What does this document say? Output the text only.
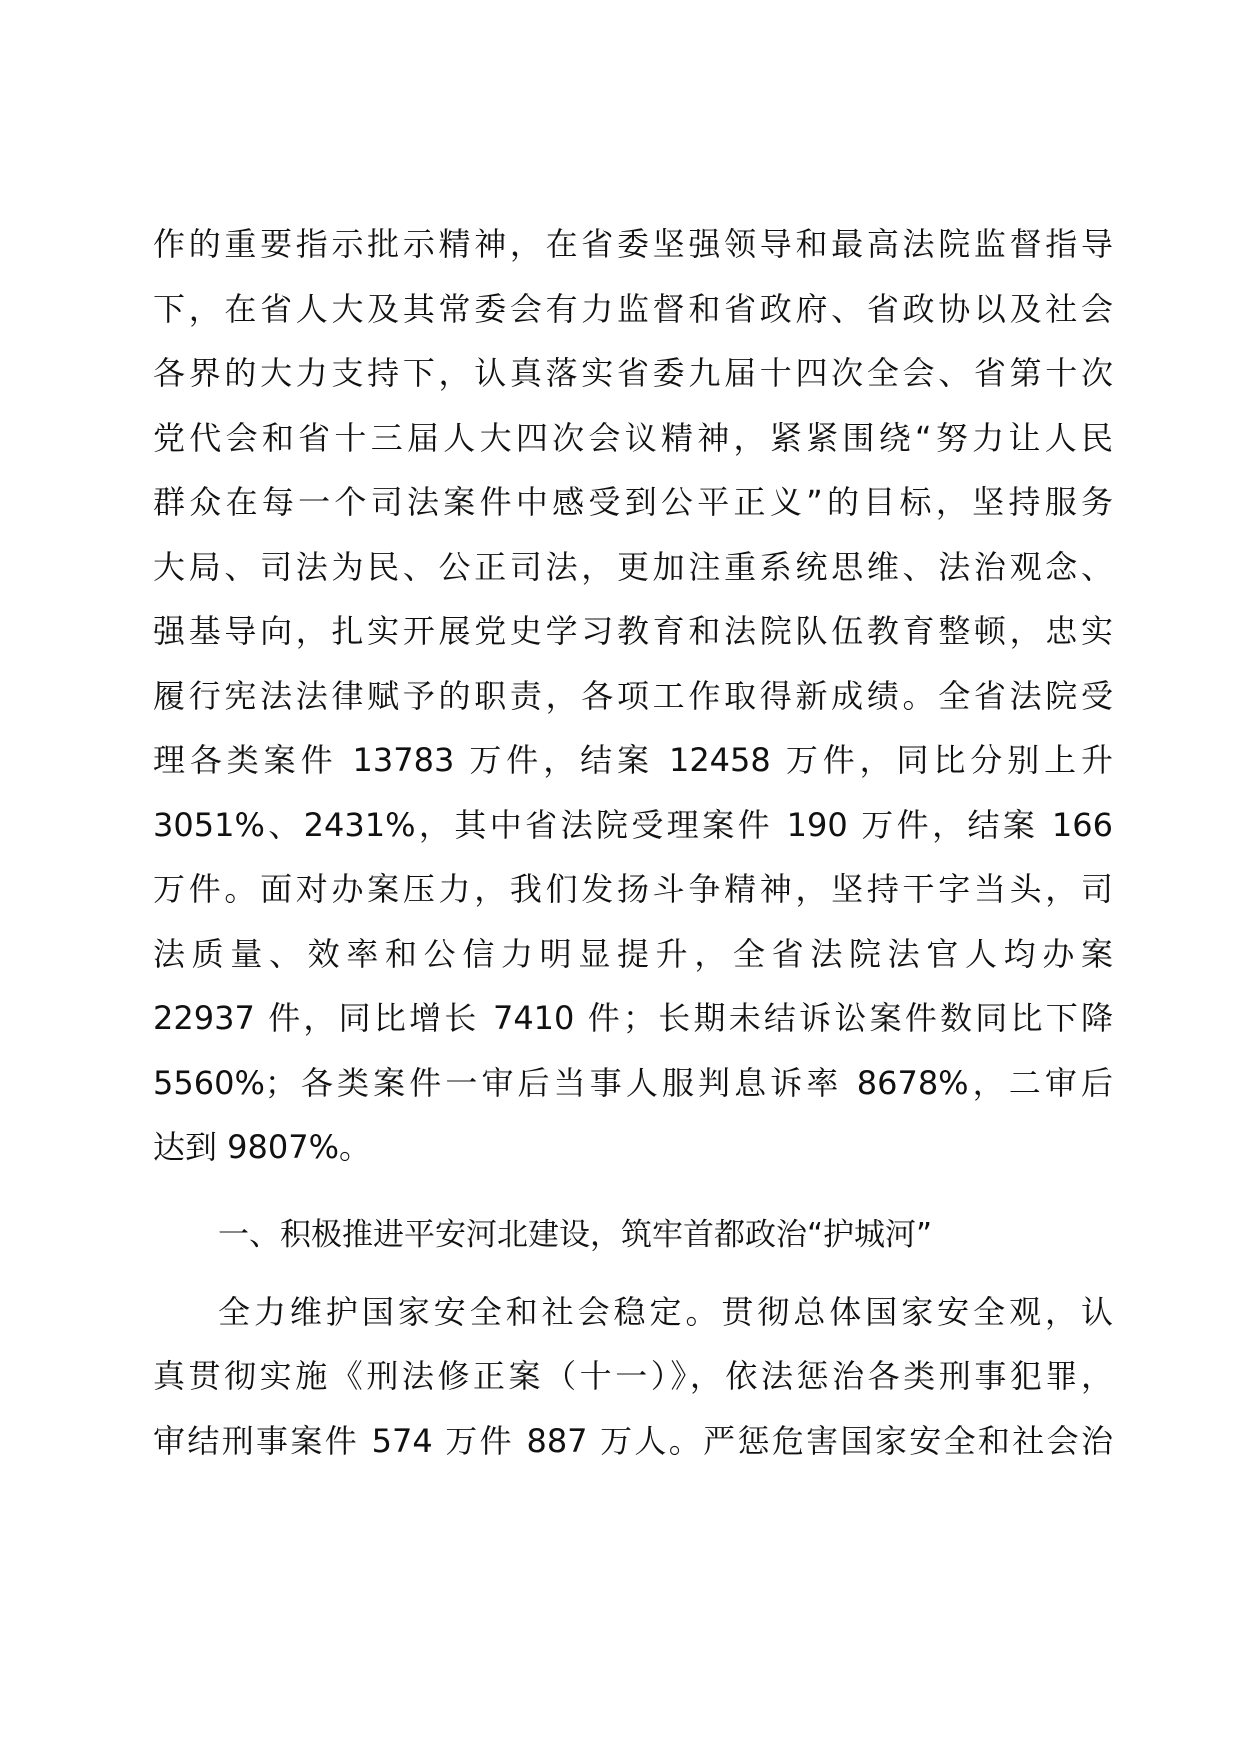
作的重要指示批示精神，在省委坚强领导和最高法院监督指导
下，在省人大及其常委会有力监督和省政府、省政协以及社会
各界的大力支持下，认真落实省委九届十四次全会、省第十次
党代会和省十三届人大四次会议精神，紧紧围绕“努力让人民
群众在每一个司法案件中感受到公平正义”的目标，坚持服务
大局、司法为民、公正司法，更加注重系统思维、法治观念、
强基导向，扎实开展党史学习教育和法院队伍教育整顿，忠实
履行宪法法律赋予的职责，各项工作取得新成绩。全省法院受
理各类案件 13783 万件，结案 12458 万件，同比分别上升
3051%、2431%，其中省法院受理案件 190 万件，结案 166
万件。面对办案压力，我们发扬斗争精神，坚持干字当头，司
法质量、效率和公信力明显提升，全省法院法官人均办案
22937 件，同比增长 7410 件；长期未结诉讼案件数同比下降
5560%；各类案件一审后当事人服判息诉率 8678%，二审后
达到 9807%。
一、积极推进平安河北建设，筑牢首都政治“护城河”
全力维护国家安全和社会稳定。贯彻总体国家安全观，认
真贯彻实施《刑法修正案（十一）》，依法惩治各类刑事犯罪，
审结刑事案件 574 万件 887 万人。严惩危害国家安全和社会治
